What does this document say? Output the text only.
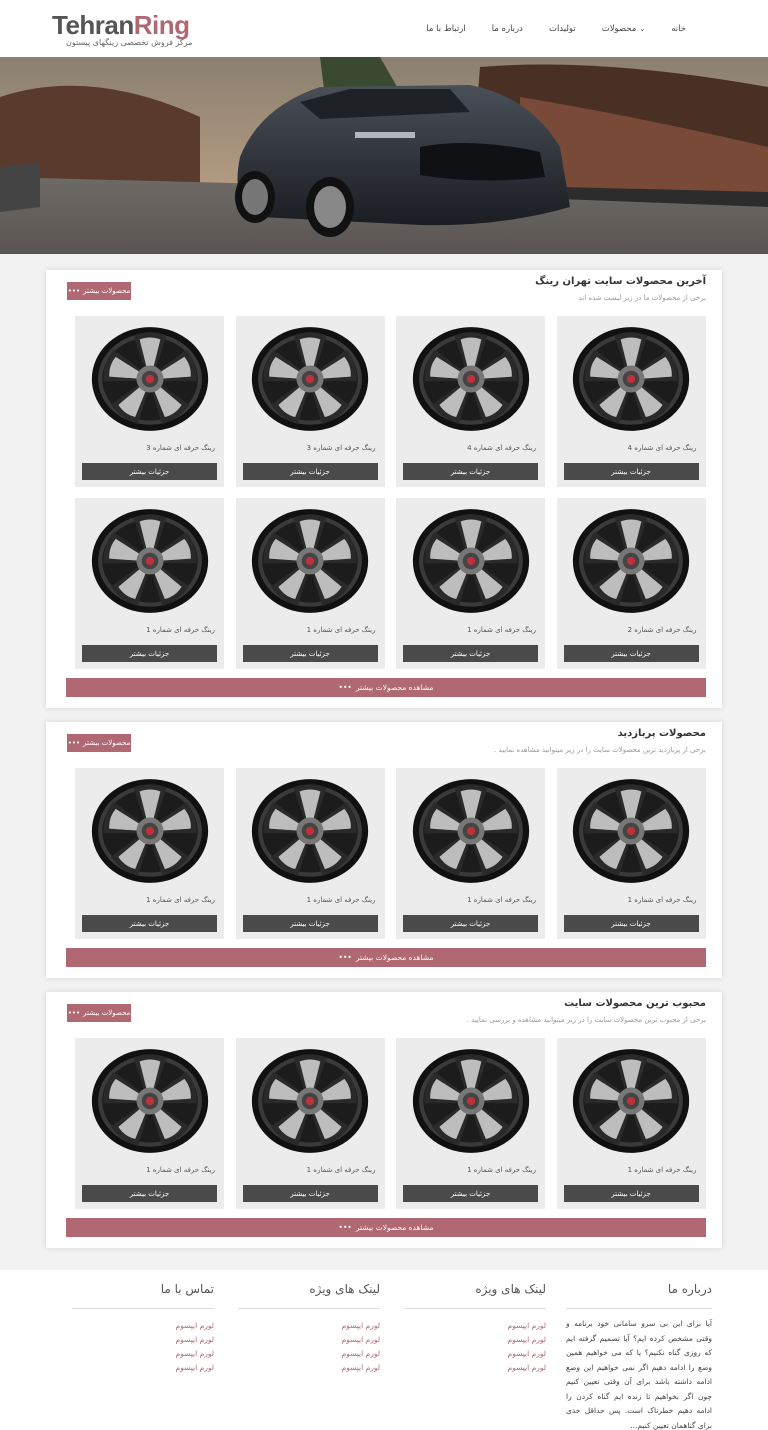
TehranRing
مرکز فروش تخصصی رینگهای پیستون
خانه
محصولات ⌄
تولیدات
درباره ما
ارتباط با ما
آخرین محصولات سایت تهران رینگ
برخی از محصولات ما در زیر لیست شده اند
••• محصولات بیشتر
رینگ حرفه ای شماره 4
جزئیات بیشتر
رینگ حرفه ای شماره 4
جزئیات بیشتر
رینگ حرفه ای شماره 3
جزئیات بیشتر
رینگ حرفه ای شماره 3
جزئیات بیشتر
رینگ حرفه ای شماره 2
جزئیات بیشتر
رینگ حرفه ای شماره 1
جزئیات بیشتر
رینگ حرفه ای شماره 1
جزئیات بیشتر
رینگ حرفه ای شماره 1
جزئیات بیشتر
••• مشاهده محصولات بیشتر
محصولات پربازدید
برخی از پربازدید ترین محصولات سایت را در زیر میتوانید مشاهده نمایید .
••• محصولات بیشتر
رینگ حرفه ای شماره 1
جزئیات بیشتر
رینگ حرفه ای شماره 1
جزئیات بیشتر
رینگ حرفه ای شماره 1
جزئیات بیشتر
رینگ حرفه ای شماره 1
جزئیات بیشتر
••• مشاهده محصولات بیشتر
محبوب ترین محصولات سایت
برخی از محبوب ترین محصولات سایت را در زیر میتوانید مشاهده و بررسی نمایید .
••• محصولات بیشتر
رینگ حرفه ای شماره 1
جزئیات بیشتر
رینگ حرفه ای شماره 1
جزئیات بیشتر
رینگ حرفه ای شماره 1
جزئیات بیشتر
رینگ حرفه ای شماره 1
جزئیات بیشتر
••• مشاهده محصولات بیشتر
درباره ما
آیا برای این بی سرو سامانی خود برنامه و وقتی مشخص کرده ایم؟ آیا تصمیم گرفته ایم که روزی گناه نکنیم؟ یا که می خواهیم همین وضع را ادامه دهیم اگر نمی خواهیم این وضع ادامه داشته باشد برای آن وقتی تعیین کنیم چون اگر بخواهیم تا زنده ایم گناه کردن را ادامه دهیم خطرناک است. پس حداقل حدی برای گناهمان تعیین کنیم...
لینک های ویژه
لورم ایپسوم
لورم ایپسوم
لورم ایپسوم
لورم ایپسوم
لینک های ویژه
لورم ایپسوم
لورم ایپسوم
لورم ایپسوم
لورم ایپسوم
تماس با ما
لورم ایپسوم
لورم ایپسوم
لورم ایپسوم
لورم ایپسوم
